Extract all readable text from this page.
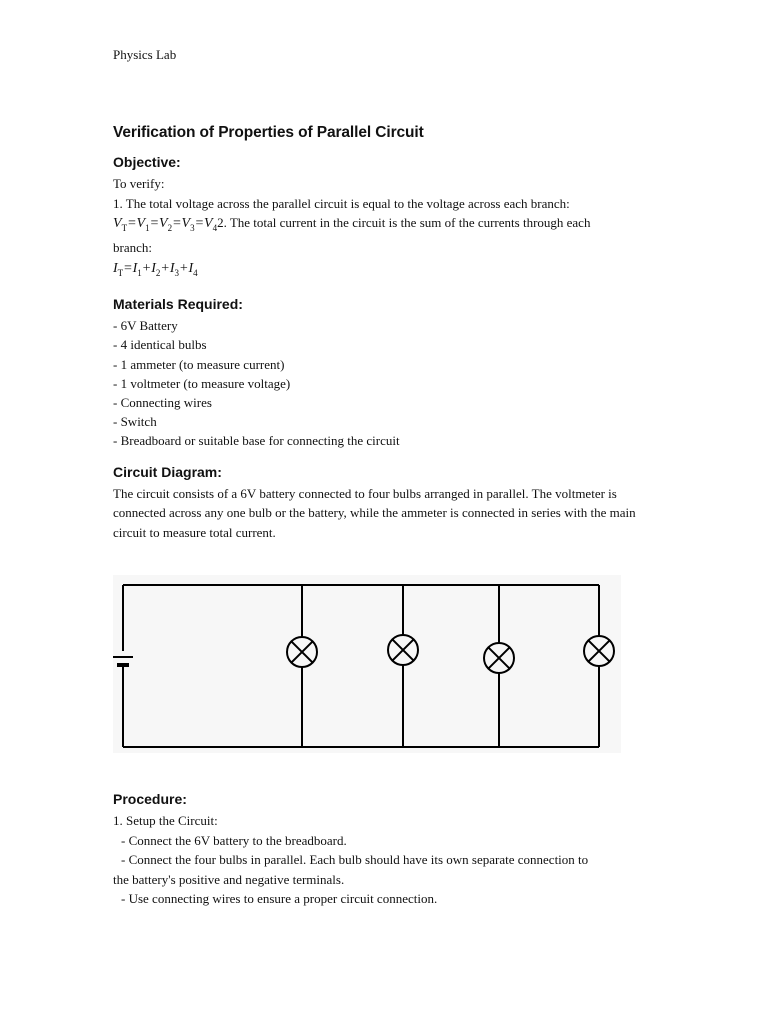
Physics Lab
Verification of Properties of Parallel Circuit
Objective:

To verify:

1. The total voltage across the parallel circuit is equal to the voltage across each branch:

$V_T=V_1=V_2=V_3=V_42$. The total current in the circuit is the sum of the currents through each

branch:

$I_T=I_1+I_2+I_3+I_4$

Materials Required:
- 6V Battery
- 4 identical bulbs
- 1 ammeter (to measure current)
- 1 voltmeter (to measure voltage)
- Connecting wires
- Switch
- Breadboard or suitable base for connecting the circuit
Circuit Diagram:

The circuit consists of a 6V battery connected to four bulbs arranged in parallel. The voltmeter is connected across any one bulb or the battery, while the ammeter is connected in series with the main circuit to measure total current.

Procedure:

1. Setup the Circuit:

- Connect the 6V battery to the breadboard.

- Connect the four bulbs in parallel. Each bulb should have its own separate connection to

the battery's positive and negative terminals.

- Use connecting wires to ensure a proper circuit connection.
